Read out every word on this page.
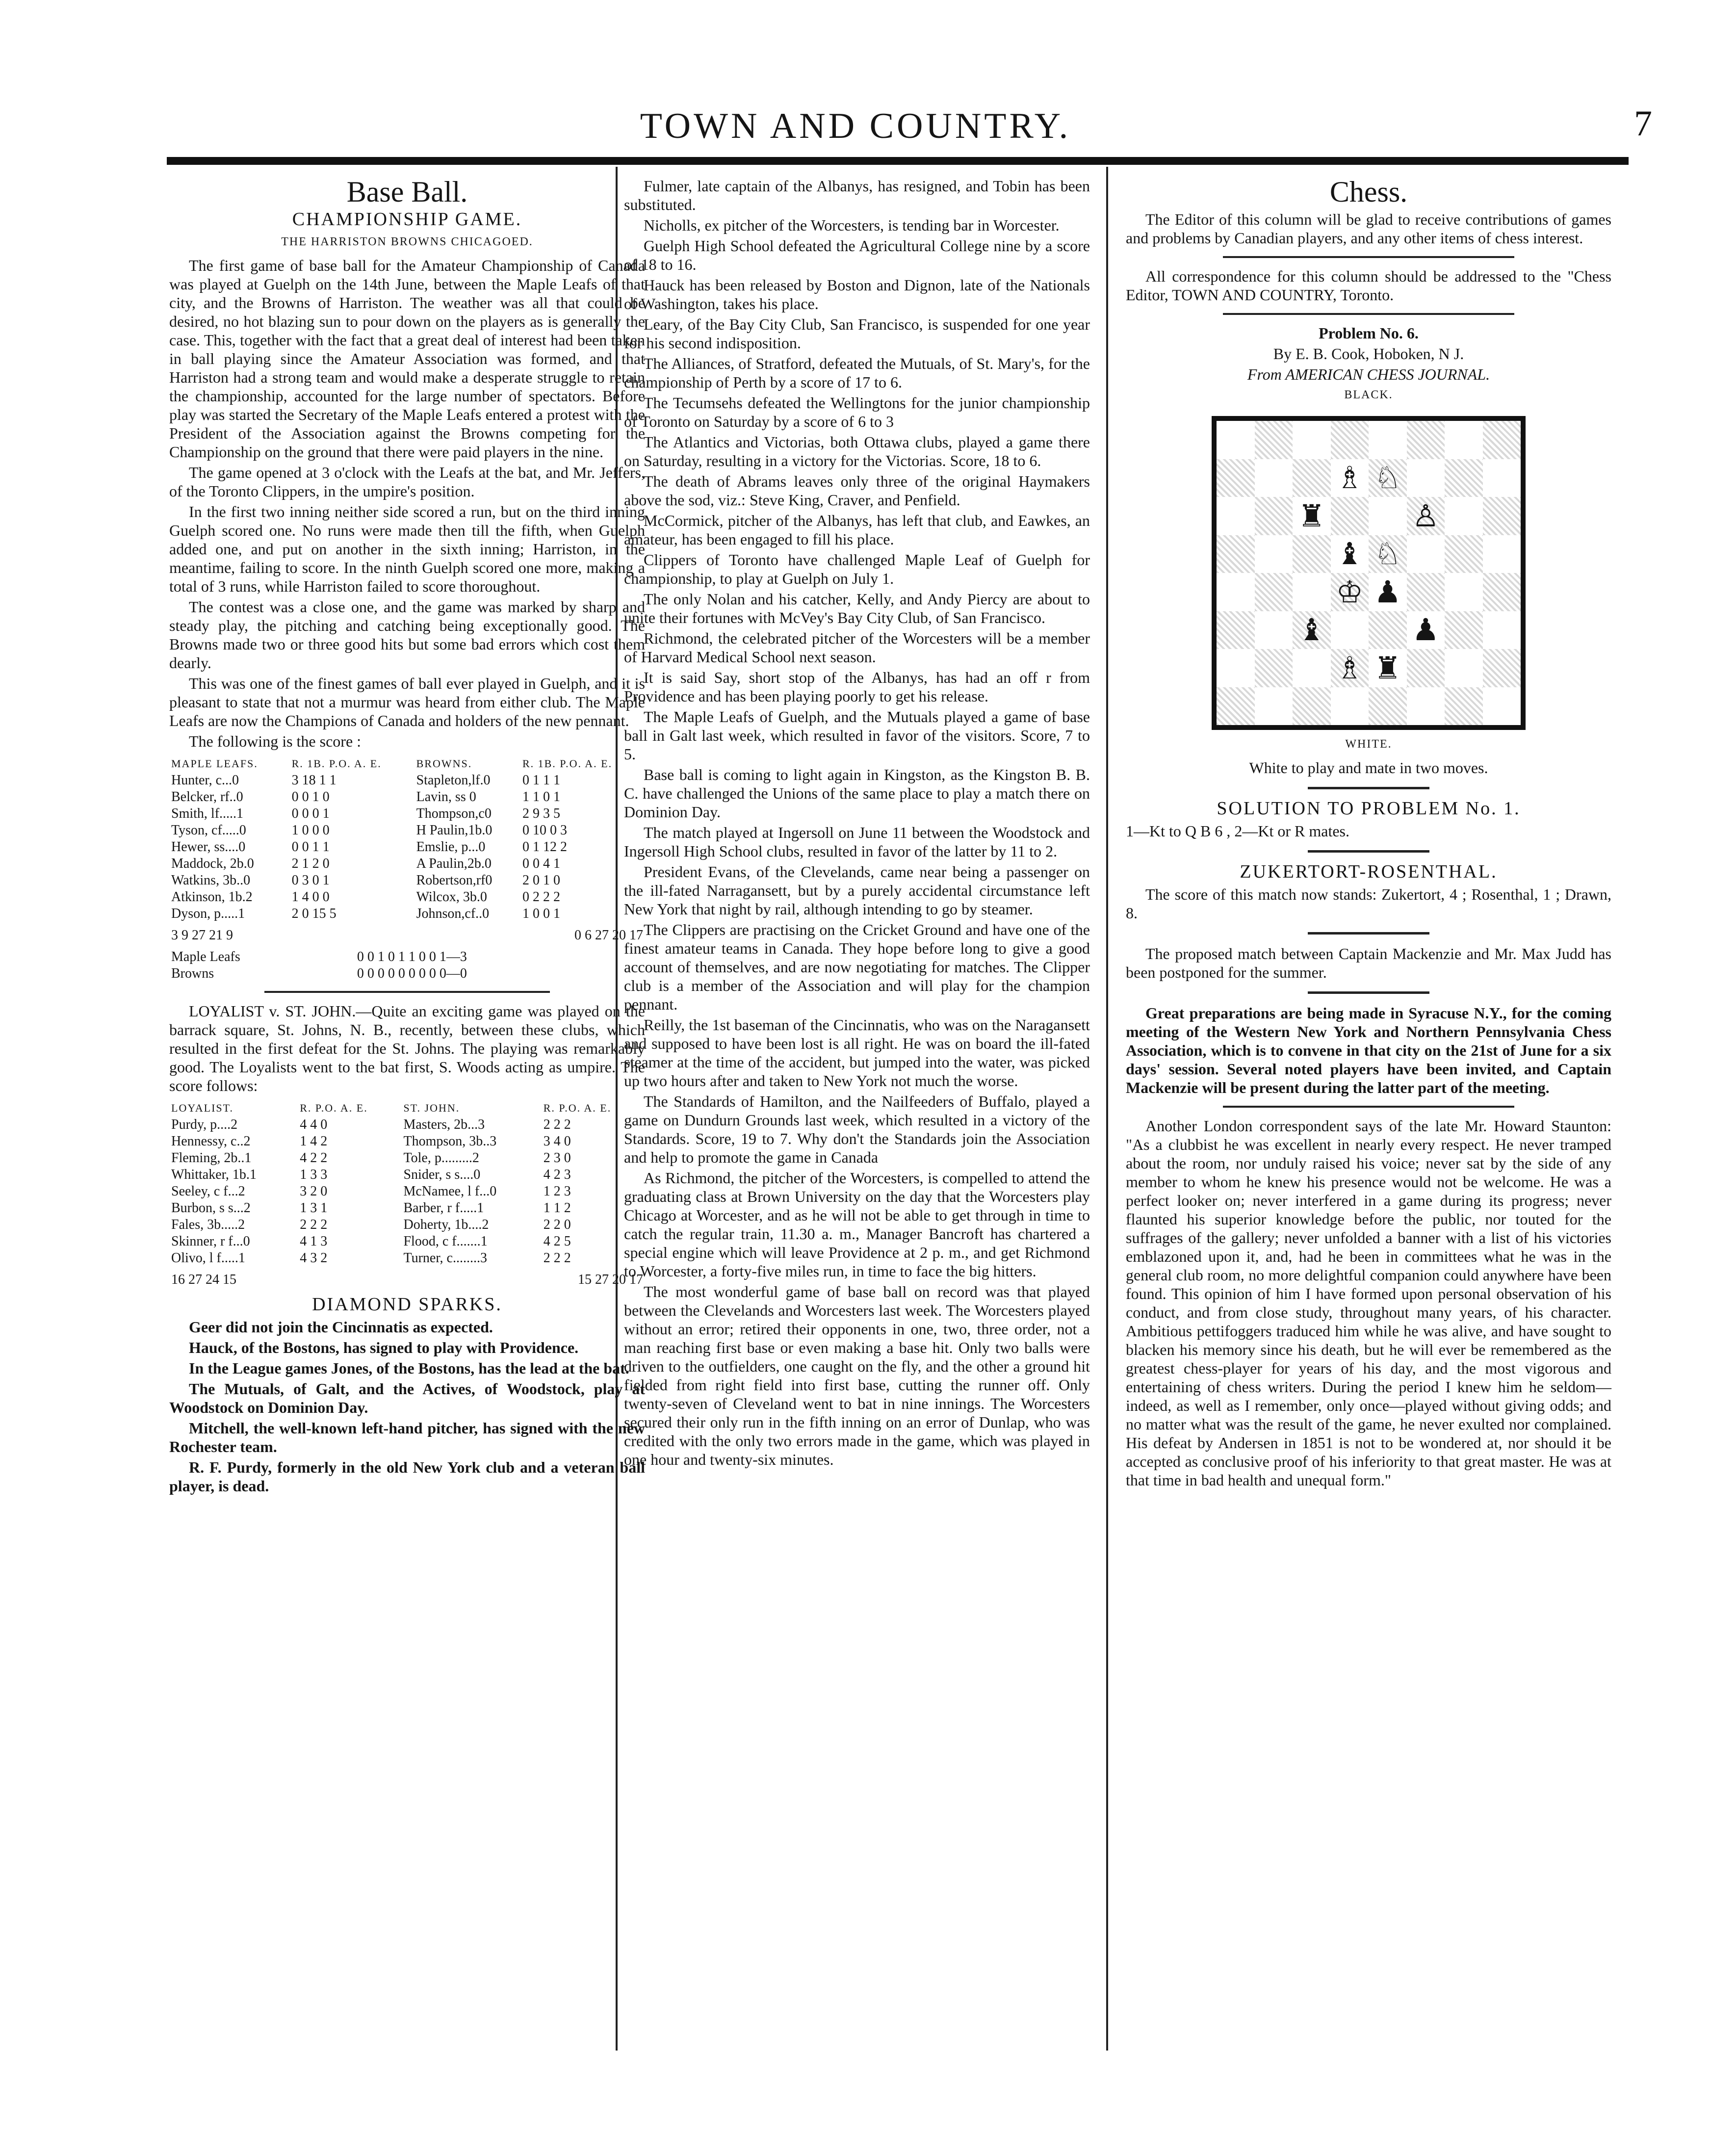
TOWN AND COUNTRY.	7
Base Ball.
CHAMPIONSHIP GAME.
THE HARRISTON BROWNS CHICAGOED.

The first game of base ball for the Amateur Championship of Canada was played at Guelph on the 14th June, between the Maple Leafs of that city, and the Browns of Harriston. The weather was all that could be desired, no hot blazing sun to pour down on the players as is generally the case. This, together with the fact that a great deal of interest had been taken in ball playing since the Amateur Association was formed, and that Harriston had a strong team and would make a desperate struggle to retain the championship, accounted for the large number of spectators. Before play was started the Secretary of the Maple Leafs entered a protest with the President of the Association against the Browns competing for the Championship on the ground that there were paid players in the nine.

The game opened at 3 o'clock with the Leafs at the bat, and Mr. Jeffers, of the Toronto Clippers, in the umpire's position.

In the first two inning neither side scored a run, but on the third inning Guelph scored one. No runs were made then till the fifth, when Guelph added one, and put on another in the sixth inning; Harriston, in the meantime, failing to score. In the ninth Guelph scored one more, making a total of 3 runs, while Harriston failed to score thoroughout.

The contest was a close one, and the game was marked by sharp and steady play, the pitching and catching being exceptionally good. The Browns made two or three good hits but some bad errors which cost them dearly.

This was one of the finest games of ball ever played in Guelph, and it is pleasant to state that not a murmur was heard from either club. The Maple Leafs are now the Champions of Canada and holders of the new pennant.

The following is the score :

MAPLE LEAFS.	R. 1B. P.O. A. E.	BROWNS.	R. 1B. P.O. A. E.
Hunter, c...0	3 18 1 1	Stapleton,lf.0	0 1 1 1
Belcker, rf..0	0 0 1 0	Lavin, ss 0	1 1 0 1
Smith, lf.....1	0 0 0 1	Thompson,c0	2 9 3 5
Tyson, cf.....0	1 0 0 0	H Paulin,1b.0	0 10 0 3
Hewer, ss....0	0 0 1 1	Emslie, p...0	0 1 12 2
Maddock, 2b.0	2 1 2 0	A Paulin,2b.0	0 0 4 1
Watkins, 3b..0	0 3 0 1	Robertson,rf0	2 0 1 0
Atkinson, 1b.2	1 4 0 0	Wilcox, 3b.0	0 2 2 2
Dyson, p.....1	2 0 15 5	Johnson,cf..0	1 0 0 1
3 9 27 21 9	0 6 27 20 17
Maple Leafs	0 0 1 0 1 1 0 0 1—3
Browns	0 0 0 0 0 0 0 0 0—0

LOYALIST v. ST. JOHN.—Quite an exciting game was played on the barrack square, St. Johns, N. B., recently, between these clubs, which resulted in the first defeat for the St. Johns. The playing was remarkably good. The Loyalists went to the bat first, S. Woods acting as umpire. The score follows:

LOYALIST.	R. P.O. A. E.	ST. JOHN.	R. P.O. A. E.
Purdy, p....2	4 4 0	Masters, 2b...3	2 2 2
Hennessy, c..2	1 4 2	Thompson, 3b..3	3 4 0
Fleming, 2b..1	4 2 2	Tole, p.........2	2 3 0
Whittaker, 1b.1	1 3 3	Snider, s s....0	4 2 3
Seeley, c f...2	3 2 0	McNamee, l f...0	1 2 3
Burbon, s s...2	1 3 1	Barber, r f.....1	1 1 2
Fales, 3b.....2	2 2 2	Doherty, 1b....2	2 2 0
Skinner, r f...0	4 1 3	Flood, c f.......1	4 2 5
Olivo, l f.....1	4 3 2	Turner, c........3	2 2 2
16 27 24 15	15 27 20 17
DIAMOND SPARKS.

Geer did not join the Cincinnatis as expected.

Hauck, of the Bostons, has signed to play with Providence.

In the League games Jones, of the Bostons, has the lead at the bat.

The Mutuals, of Galt, and the Actives, of Woodstock, play at Woodstock on Dominion Day.

Mitchell, the well-known left-hand pitcher, has signed with the new Rochester team.

R. F. Purdy, formerly in the old New York club and a veteran ball player, is dead.

Fulmer, late captain of the Albanys, has resigned, and Tobin has been substituted.

Nicholls, ex pitcher of the Worcesters, is tending bar in Worcester.

Guelph High School defeated the Agricultural College nine by a score of 18 to 16.

Hauck has been released by Boston and Dignon, late of the Nationals of Washington, takes his place.

Leary, of the Bay City Club, San Francisco, is suspended for one year for his second indisposition.

The Alliances, of Stratford, defeated the Mutuals, of St. Mary's, for the championship of Perth by a score of 17 to 6.

The Tecumsehs defeated the Wellingtons for the junior championship of Toronto on Saturday by a score of 6 to 3

The Atlantics and Victorias, both Ottawa clubs, played a game there on Saturday, resulting in a victory for the Victorias. Score, 18 to 6.

The death of Abrams leaves only three of the original Haymakers above the sod, viz.: Steve King, Craver, and Penfield.

McCormick, pitcher of the Albanys, has left that club, and Eawkes, an amateur, has been engaged to fill his place.

Clippers of Toronto have challenged Maple Leaf of Guelph for championship, to play at Guelph on July 1.

The only Nolan and his catcher, Kelly, and Andy Piercy are about to unite their fortunes with McVey's Bay City Club, of San Francisco.

Richmond, the celebrated pitcher of the Worcesters will be a member of Harvard Medical School next season.

It is said Say, short stop of the Albanys, has had an off r from Providence and has been playing poorly to get his release.

The Maple Leafs of Guelph, and the Mutuals played a game of base ball in Galt last week, which resulted in favor of the visitors. Score, 7 to 5.

Base ball is coming to light again in Kingston, as the Kingston B. B. C. have challenged the Unions of the same place to play a match there on Dominion Day.

The match played at Ingersoll on June 11 between the Woodstock and Ingersoll High School clubs, resulted in favor of the latter by 11 to 2.

President Evans, of the Clevelands, came near being a passenger on the ill-fated Narragansett, but by a purely accidental circumstance left New York that night by rail, although intending to go by steamer.

The Clippers are practising on the Cricket Ground and have one of the finest amateur teams in Canada. They hope before long to give a good account of themselves, and are now negotiating for matches. The Clipper club is a member of the Association and will play for the champion pennant.

Reilly, the 1st baseman of the Cincinnatis, who was on the Naragansett and supposed to have been lost is all right. He was on board the ill-fated steamer at the time of the accident, but jumped into the water, was picked up two hours after and taken to New York not much the worse.

The Standards of Hamilton, and the Nailfeeders of Buffalo, played a game on Dundurn Grounds last week, which resulted in a victory of the Standards. Score, 19 to 7. Why don't the Standards join the Association and help to promote the game in Canada

As Richmond, the pitcher of the Worcesters, is compelled to attend the graduating class at Brown University on the day that the Worcesters play Chicago at Worcester, and as he will not be able to get through in time to catch the regular train, 11.30 a. m., Manager Bancroft has chartered a special engine which will leave Providence at 2 p. m., and get Richmond to Worcester, a forty-five miles run, in time to face the big hitters.

The most wonderful game of base ball on record was that played between the Clevelands and Worcesters last week. The Worcesters played without an error; retired their opponents in one, two, three order, not a man reaching first base or even making a base hit. Only two balls were driven to the outfielders, one caught on the fly, and the other a ground hit fielded from right field into first base, cutting the runner off. Only twenty-seven of Cleveland went to bat in nine innings. The Worcesters secured their only run in the fifth inning on an error of Dunlap, who was credited with the only two errors made in the game, which was played in one hour and twenty-six minutes.

Chess.

The Editor of this column will be glad to receive contributions of games and problems by Canadian players, and any other items of chess interest.

All correspondence for this column should be addressed to the "Chess Editor, TOWN AND COUNTRY, Toronto.

Problem No. 6.

By E. B. Cook, Hoboken, N J.

From AMERICAN CHESS JOURNAL.

BLACK.
♗ ♘
♜	♙
♝ ♘
♔ ♟
♝	♟
♗ ♜
WHITE.

White to play and mate in two moves.

SOLUTION TO PROBLEM No. 1.

1—Kt to Q B 6 , 2—Kt or R mates.

ZUKERTORT-ROSENTHAL.

The score of this match now stands: Zukertort, 4 ; Rosenthal, 1 ; Drawn, 8.

The proposed match between Captain Mackenzie and Mr. Max Judd has been postponed for the summer.

Great preparations are being made in Syracuse N.Y., for the coming meeting of the Western New York and Northern Pennsylvania Chess Association, which is to convene in that city on the 21st of June for a six days' session. Several noted players have been invited, and Captain Mackenzie will be present during the latter part of the meeting.

Another London correspondent says of the late Mr. Howard Staunton: "As a clubbist he was excellent in nearly every respect. He never tramped about the room, nor unduly raised his voice; never sat by the side of any member to whom he knew his presence would not be welcome. He was a perfect looker on; never interfered in a game during its progress; never flaunted his superior knowledge before the public, nor touted for the suffrages of the gallery; never unfolded a banner with a list of his victories emblazoned upon it, and, had he been in committees what he was in the general club room, no more delightful companion could anywhere have been found. This opinion of him I have formed upon personal observation of his conduct, and from close study, throughout many years, of his character. Ambitious pettifoggers traduced him while he was alive, and have sought to blacken his memory since his death, but he will ever be remembered as the greatest chess-player for years of his day, and the most vigorous and entertaining of chess writers. During the period I knew him he seldom—indeed, as well as I remember, only once—played without giving odds; and no matter what was the result of the game, he never exulted nor complained. His defeat by Andersen in 1851 is not to be wondered at, nor should it be accepted as conclusive proof of his inferiority to that great master. He was at that time in bad health and unequal form."
